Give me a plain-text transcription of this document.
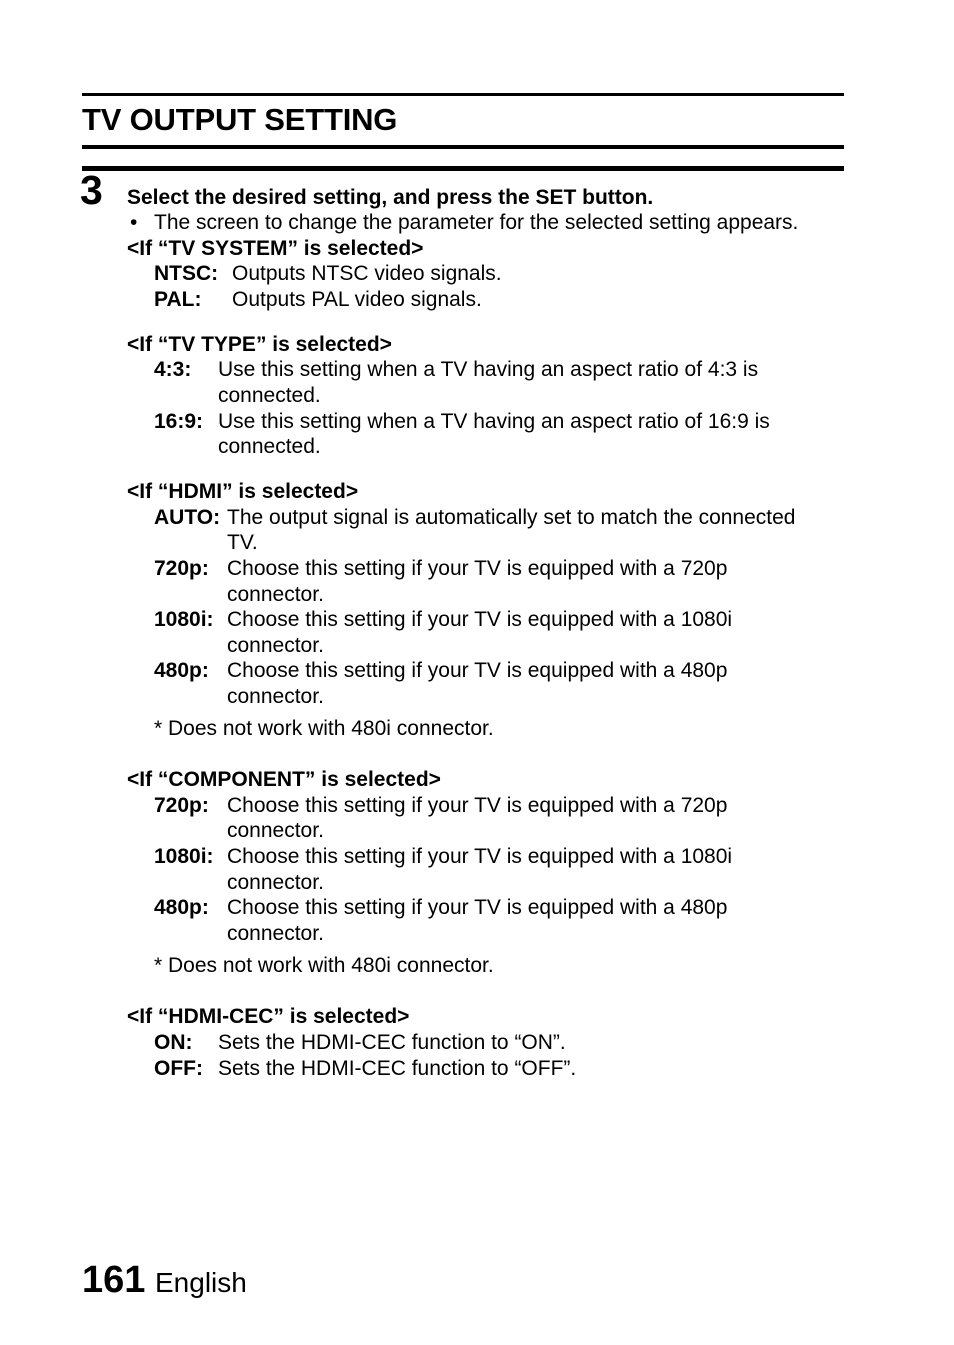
TV OUTPUT SETTING
3 Select the desired setting, and press the SET button.
• The screen to change the parameter for the selected setting appears.
<If “TV SYSTEM” is selected>
NTSC: Outputs NTSC video signals.
PAL: Outputs PAL video signals.
<If “TV TYPE” is selected>
4:3: Use this setting when a TV having an aspect ratio of 4:3 is
connected.
16:9: Use this setting when a TV having an aspect ratio of 16:9 is
connected.
<If “HDMI” is selected>
AUTO: The output signal is automatically set to match the connected
TV.
720p: Choose this setting if your TV is equipped with a 720p
connector.
1080i: Choose this setting if your TV is equipped with a 1080i
connector.
480p: Choose this setting if your TV is equipped with a 480p
connector.
* Does not work with 480i connector.
<If “COMPONENT” is selected>
720p: Choose this setting if your TV is equipped with a 720p
connector.
1080i: Choose this setting if your TV is equipped with a 1080i
connector.
480p: Choose this setting if your TV is equipped with a 480p
connector.
* Does not work with 480i connector.
<If “HDMI-CEC” is selected>
ON: Sets the HDMI-CEC function to “ON”.
OFF: Sets the HDMI-CEC function to “OFF”.
161 English
